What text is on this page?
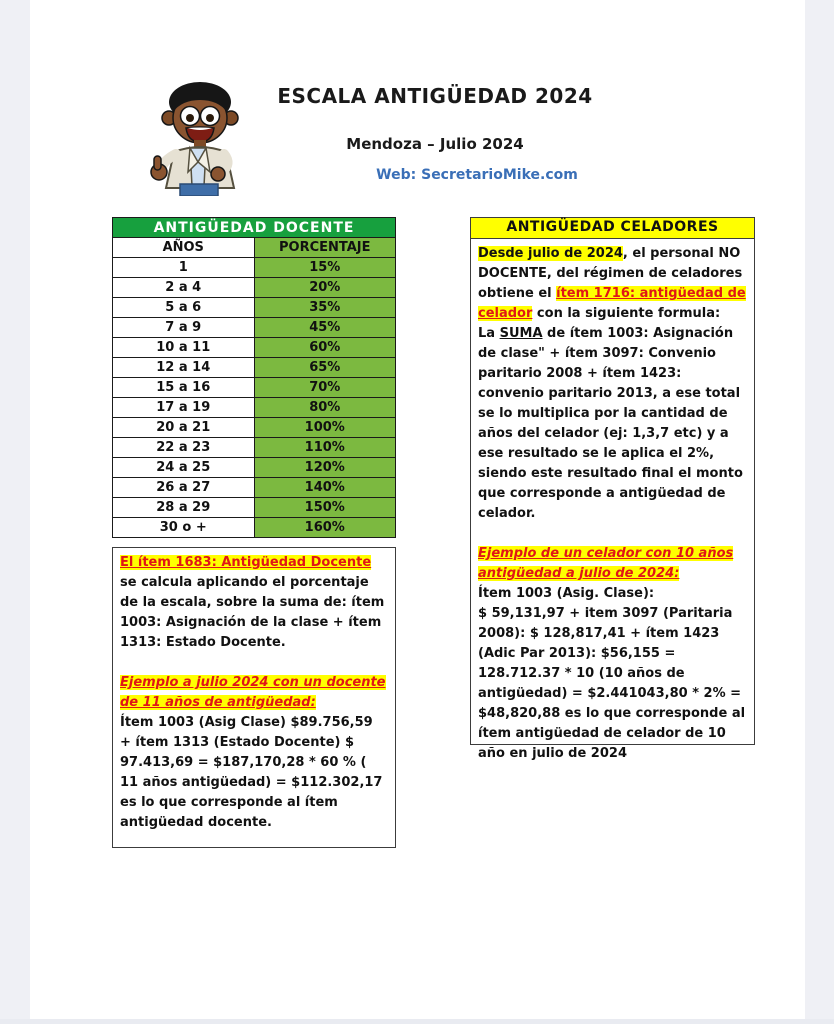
ESCALA ANTIGÜEDAD 2024
Mendoza – Julio 2024
Web: SecretarioMike.com
ANTIGÜEDAD DOCENTE	
AÑOS	PORCENTAJE
1	15%
2 a 4	20%
5 a 6	35%
7 a 9	45%
10 a 11	60%
12 a 14	65%
15 a 16	70%
17 a 19	80%
20 a 21	100%
22 a 23	110%
24 a 25	120%
26 a 27	140%
28 a 29	150%
30 o +	160%

El ítem 1683: Antigüedad Docente se calcula aplicando el porcentaje de la escala, sobre la suma de: ítem 1003: Asignación de la clase + ítem 1313: Estado Docente.

Ejemplo a julio 2024 con un docente de 11 años de antigüedad:

Ítem 1003 (Asig Clase) $89.756,59 + ítem 1313 (Estado Docente) $ 97.413,69 = $187,170,28 * 60 % ( 11 años antigüedad) = $112.302,17 es lo que corresponde al ítem antigüedad docente.

ANTIGÜEDAD CELADORES

Desde julio de 2024, el personal NO DOCENTE, del régimen de celadores obtiene el ítem 1716: antigüedad de celador con la siguiente formula:

La SUMA de ítem 1003: Asignación de clase" + ítem 3097: Convenio paritario 2008 + ítem 1423: convenio paritario 2013, a ese total se lo multiplica por la cantidad de años del celador (ej: 1,3,7 etc) y a ese resultado se le aplica el 2%, siendo este resultado final el monto que corresponde a antigüedad de celador.

Ejemplo de un celador con 10 años antigüedad a julio de 2024:

Ítem 1003 (Asig. Clase):

$ 59,131,97 + item 3097 (Paritaria 2008): $ 128,817,41 + ítem 1423 (Adic Par 2013): $56,155 = 128.712.37 * 10 (10 años de antigüedad) = $2.441043,80 * 2% = $48,820,88 es lo que corresponde al ítem antigüedad de celador de 10 año en julio de 2024
